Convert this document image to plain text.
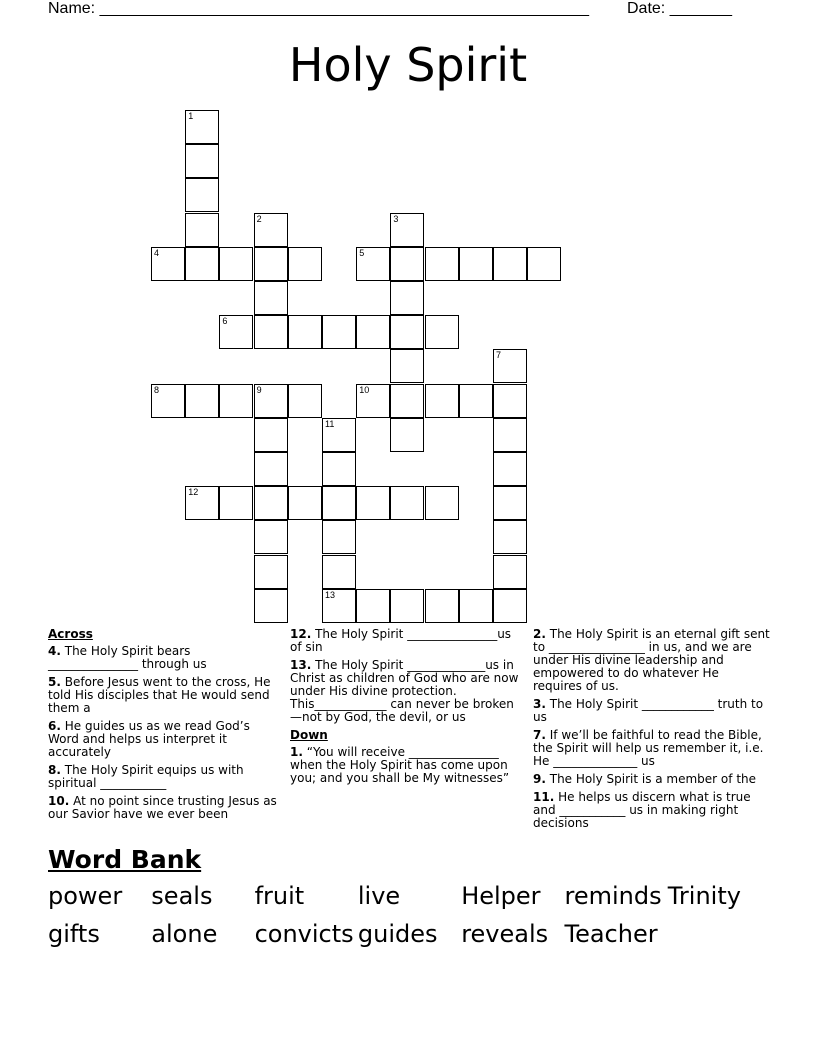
Name: _______________________________________________________ Date: _______
Holy Spirit
1
2	3
4	5
6
7
8	9	10
11
13
12
Across
4. The Holy Spirit bears _______________ through us
5. Before Jesus went to the cross, He told His disciples that He would send them a
6. He guides us as we read God’s Word and helps us interpret it accurately
8. The Holy Spirit equips us with spiritual ___________
10. At no point since trusting Jesus as our Savior have we ever been
12. The Holy Spirit _______________us of sin
13. The Holy Spirit _____________us in Christ as children of God who are now under His divine protection. This____________ can never be broken—not by God, the devil, or us
Down
1. “You will receive _______________ when the Holy Spirit has come upon you; and you shall be My witnesses”
2. The Holy Spirit is an eternal gift sent to ________________ in us, and we are under His divine leadership and empowered to do whatever He requires of us.
3. The Holy Spirit ____________ truth to us
7. If we’ll be faithful to read the Bible, the Spirit will help us remember it, i.e. He ______________ us
9. The Holy Spirit is a member of the
11. He helps us discern what is true and ___________ us in making right decisions
Word Bank
power seals fruit live	Helper reminds Trinity
gifts alone convicts guides reveals Teacher
